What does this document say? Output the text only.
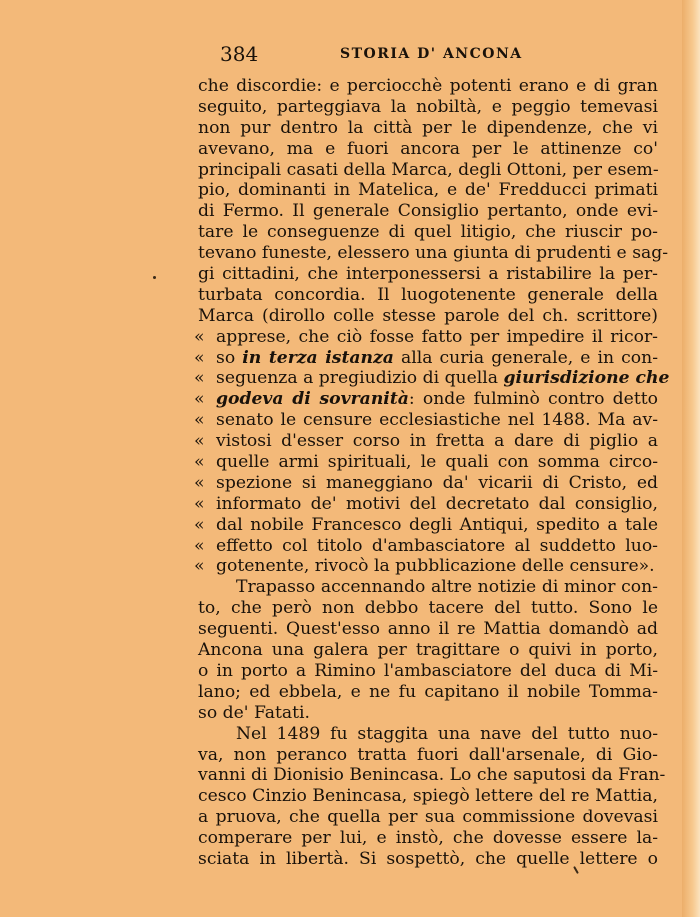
384	STORIA D' ANCONA
che discordie: e perciocchè potenti erano e di gran
seguito, parteggiava la nobiltà, e peggio temevasi
non pur dentro la città per le dipendenze, che vi
avevano, ma e fuori ancora per le attinenze co'
principali casati della Marca, degli Ottoni, per esem-
pio, dominanti in Matelica, e de' Fredducci primati
di Fermo. Il generale Consiglio pertanto, onde evi-
tare le conseguenze di quel litigio, che riuscir po-
tevano funeste, elessero una giunta di prudenti e sag-
gi cittadini, che interponessersi a ristabilire la per-
turbata concordia. Il luogotenente generale della
Marca (dirollo colle stesse parole del ch. scrittore)
« apprese, che ciò fosse fatto per impedire il ricor-
« so in terza istanza alla curia generale, e in con-
« seguenza a pregiudizio di quella giurisdizione che
« godeva di sovranità: onde fulminò contro detto
« senato le censure ecclesiastiche nel 1488. Ma av-
« vistosi d'esser corso in fretta a dare di piglio a
« quelle armi spirituali, le quali con somma circo-
« spezione si maneggiano da' vicarii di Cristo, ed
« informato de' motivi del decretato dal consiglio,
« dal nobile Francesco degli Antiqui, spedito a tale
« effetto col titolo d'ambasciatore al suddetto luo-
« gotenente, rivocò la pubblicazione delle censure».
Trapasso accennando altre notizie di minor con-
to, che però non debbo tacere del tutto. Sono le
seguenti. Quest'esso anno il re Mattia domandò ad
Ancona una galera per tragittare o quivi in porto,
o in porto a Rimino l'ambasciatore del duca di Mi-
lano; ed ebbela, e ne fu capitano il nobile Tomma-
so de' Fatati.
Nel 1489 fu staggita una nave del tutto nuo-
va, non peranco tratta fuori dall'arsenale, di Gio-
vanni di Dionisio Benincasa. Lo che saputosi da Fran-
cesco Cinzio Benincasa, spiegò lettere del re Mattia,
a pruova, che quella per sua commissione dovevasi
comperare per lui, e instò, che dovesse essere la-
sciata in libertà. Si sospettò, che quelle lettere o
